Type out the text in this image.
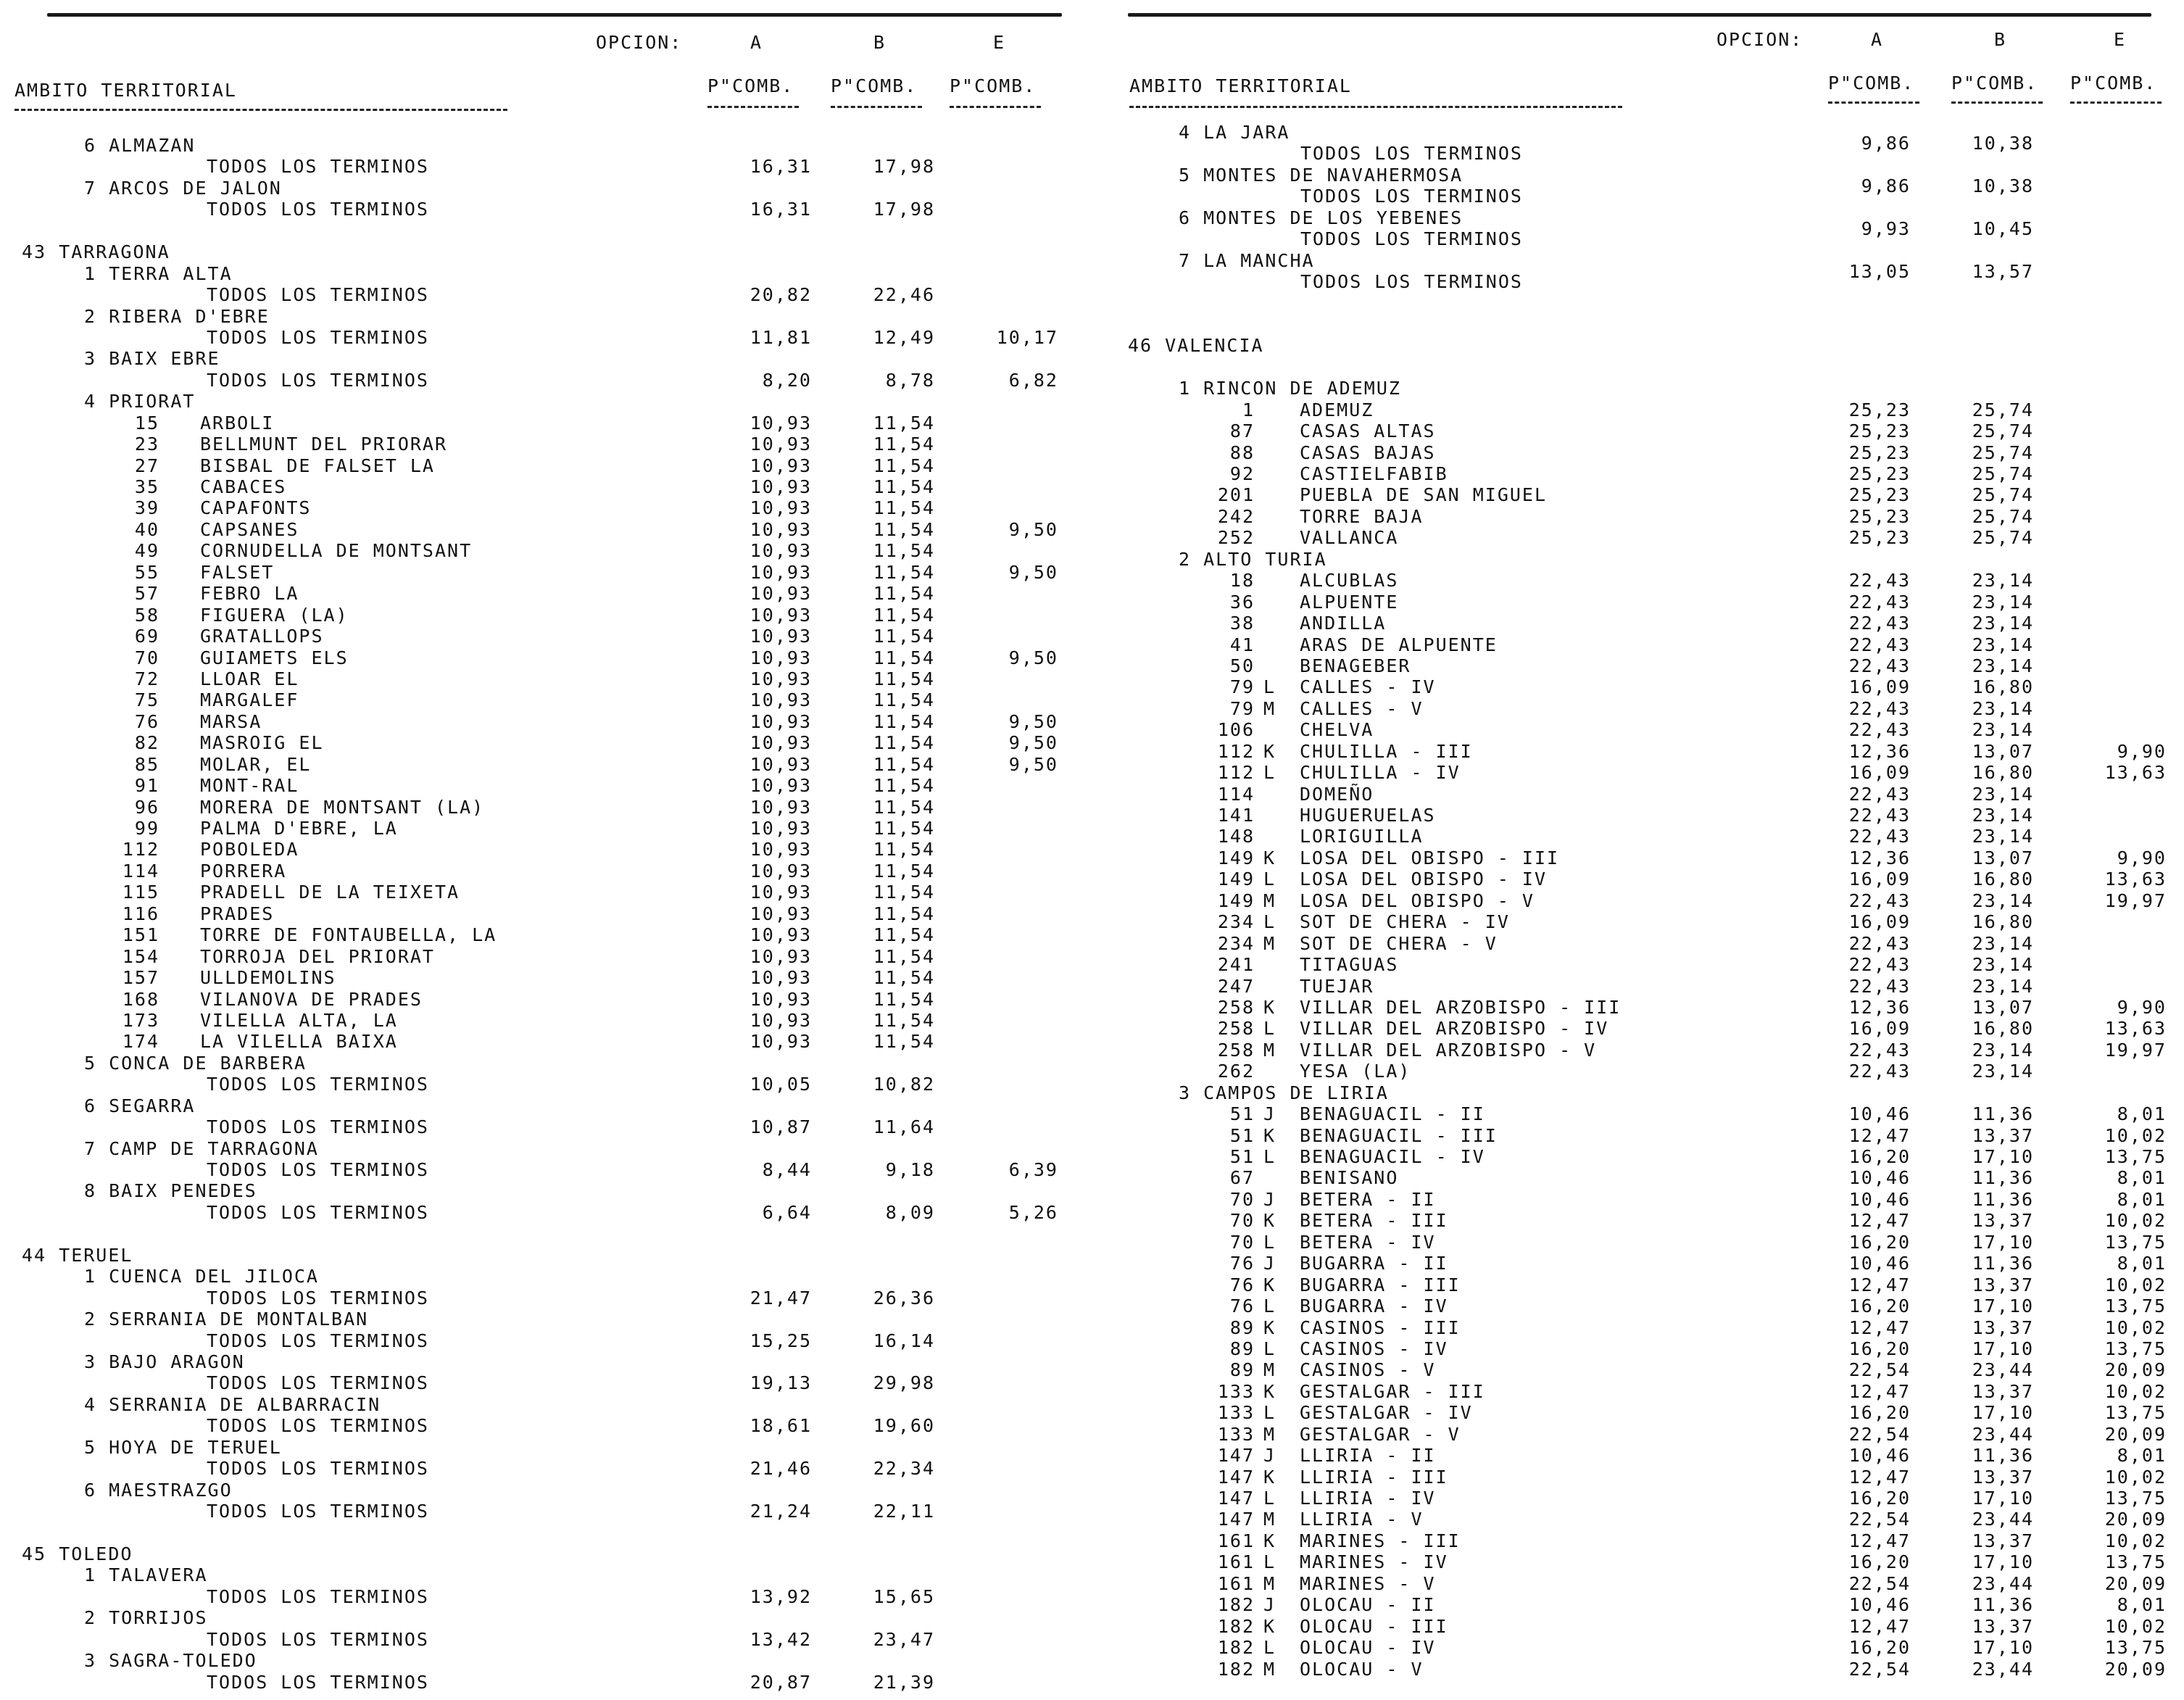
OPCION:	A	B	E
AMBITO TERRITORIAL	P"COMB. P"COMB. P"COMB.
6 ALMAZAN
TODOS LOS TERMINOS	16,31	17,98
7 ARCOS DE JALON
TODOS LOS TERMINOS	16,31	17,98
43 TARRAGONA
1 TERRA ALTA
TODOS LOS TERMINOS	20,82	22,46
2 RIBERA D'EBRE
TODOS LOS TERMINOS	11,81	12,49	10,17
3 BAIX EBRE
TODOS LOS TERMINOS	8,20	8,78	6,82
4 PRIORAT
15 ARBOLI	10,93	11,54
23 BELLMUNT DEL PRIORAR	10,93	11,54
27 BISBAL DE FALSET LA	10,93	11,54
35 CABACES	10,93	11,54
39 CAPAFONTS	10,93	11,54
40 CAPSANES	10,93	11,54	9,50
49 CORNUDELLA DE MONTSANT	10,93	11,54
55 FALSET	10,93	11,54	9,50
57 FEBRO LA	10,93	11,54
58 FIGUERA (LA)	10,93	11,54
69 GRATALLOPS	10,93	11,54
70 GUIAMETS ELS	10,93	11,54	9,50
72 LLOAR EL	10,93	11,54
75 MARGALEF	10,93	11,54
76 MARSA	10,93	11,54	9,50
82 MASROIG EL	10,93	11,54	9,50
85 MOLAR, EL	10,93	11,54	9,50
91 MONT-RAL	10,93	11,54
96 MORERA DE MONTSANT (LA)	10,93	11,54
99 PALMA D'EBRE, LA	10,93	11,54
112 POBOLEDA	10,93	11,54
114 PORRERA	10,93	11,54
115 PRADELL DE LA TEIXETA	10,93	11,54
116 PRADES	10,93	11,54
151 TORRE DE FONTAUBELLA, LA	10,93	11,54
154 TORROJA DEL PRIORAT	10,93	11,54
157 ULLDEMOLINS	10,93	11,54
168 VILANOVA DE PRADES	10,93	11,54
173 VILELLA ALTA, LA	10,93	11,54
174 LA VILELLA BAIXA	10,93	11,54
5 CONCA DE BARBERA
TODOS LOS TERMINOS	10,05	10,82
6 SEGARRA
TODOS LOS TERMINOS	10,87	11,64
7 CAMP DE TARRAGONA
TODOS LOS TERMINOS	8,44	9,18	6,39
8 BAIX PENEDES
TODOS LOS TERMINOS	6,64	8,09	5,26
44 TERUEL
1 CUENCA DEL JILOCA
TODOS LOS TERMINOS	21,47	26,36
2 SERRANIA DE MONTALBAN
TODOS LOS TERMINOS	15,25	16,14
3 BAJO ARAGON
TODOS LOS TERMINOS	19,13	29,98
4 SERRANIA DE ALBARRACIN
TODOS LOS TERMINOS	18,61	19,60
5 HOYA DE TERUEL
TODOS LOS TERMINOS	21,46	22,34
6 MAESTRAZGO
TODOS LOS TERMINOS	21,24	22,11
45 TOLEDO
1 TALAVERA
TODOS LOS TERMINOS	13,92	15,65
2 TORRIJOS
TODOS LOS TERMINOS	13,42	23,47
3 SAGRA-TOLEDO
TODOS LOS TERMINOS	20,87	21,39
OPCION:	A	B	E
AMBITO TERRITORIAL	P"COMB. P"COMB. P"COMB.
4 LA JARA
TODOS LOS TERMINOS	9,86	10,38
5 MONTES DE NAVAHERMOSA
TODOS LOS TERMINOS	9,86	10,38
6 MONTES DE LOS YEBENES
TODOS LOS TERMINOS	9,93	10,45
7 LA MANCHA
TODOS LOS TERMINOS	13,05	13,57
46 VALENCIA
1 RINCON DE ADEMUZ
1 ADEMUZ	25,23	25,74
87 CASAS ALTAS	25,23	25,74
88 CASAS BAJAS	25,23	25,74
92 CASTIELFABIB	25,23	25,74
201 PUEBLA DE SAN MIGUEL	25,23	25,74
242 TORRE BAJA	25,23	25,74
252 VALLANCA	25,23	25,74
2 ALTO TURIA
18 ALCUBLAS	22,43	23,14
36 ALPUENTE	22,43	23,14
38 ANDILLA	22,43	23,14
41 ARAS DE ALPUENTE	22,43	23,14
50 BENAGEBER	22,43	23,14
79 L CALLES - IV	16,09	16,80
79 M CALLES - V	22,43	23,14
106 CHELVA	22,43	23,14
112 K CHULILLA - III	12,36	13,07	9,90
112 L CHULILLA - IV	16,09	16,80	13,63
114 DOMEÑO	22,43	23,14
141 HUGUERUELAS	22,43	23,14
148 LORIGUILLA	22,43	23,14
149 K LOSA DEL OBISPO - III	12,36	13,07	9,90
149 L LOSA DEL OBISPO - IV	16,09	16,80	13,63
149 M LOSA DEL OBISPO - V	22,43	23,14	19,97
234 L SOT DE CHERA - IV	16,09	16,80
234 M SOT DE CHERA - V	22,43	23,14
241 TITAGUAS	22,43	23,14
247 TUEJAR	22,43	23,14
258 K VILLAR DEL ARZOBISPO - III	12,36	13,07	9,90
258 L VILLAR DEL ARZOBISPO - IV	16,09	16,80	13,63
258 M VILLAR DEL ARZOBISPO - V	22,43	23,14	19,97
262 YESA (LA)	22,43	23,14
3 CAMPOS DE LIRIA
51 J BENAGUACIL - II	10,46	11,36	8,01
51 K BENAGUACIL - III	12,47	13,37	10,02
51 L BENAGUACIL - IV	16,20	17,10	13,75
67 BENISANO	10,46	11,36	8,01
70 J BETERA - II	10,46	11,36	8,01
70 K BETERA - III	12,47	13,37	10,02
70 L BETERA - IV	16,20	17,10	13,75
76 J BUGARRA - II	10,46	11,36	8,01
76 K BUGARRA - III	12,47	13,37	10,02
76 L BUGARRA - IV	16,20	17,10	13,75
89 K CASINOS - III	12,47	13,37	10,02
89 L CASINOS - IV	16,20	17,10	13,75
89 M CASINOS - V	22,54	23,44	20,09
133 K GESTALGAR - III	12,47	13,37	10,02
133 L GESTALGAR - IV	16,20	17,10	13,75
133 M GESTALGAR - V	22,54	23,44	20,09
147 J LLIRIA - II	10,46	11,36	8,01
147 K LLIRIA - III	12,47	13,37	10,02
147 L LLIRIA - IV	16,20	17,10	13,75
147 M LLIRIA - V	22,54	23,44	20,09
161 K MARINES - III	12,47	13,37	10,02
161 L MARINES - IV	16,20	17,10	13,75
161 M MARINES - V	22,54	23,44	20,09
182 J OLOCAU - II	10,46	11,36	8,01
182 K OLOCAU - III	12,47	13,37	10,02
182 L OLOCAU - IV	16,20	17,10	13,75
182 M OLOCAU - V	22,54	23,44	20,09
